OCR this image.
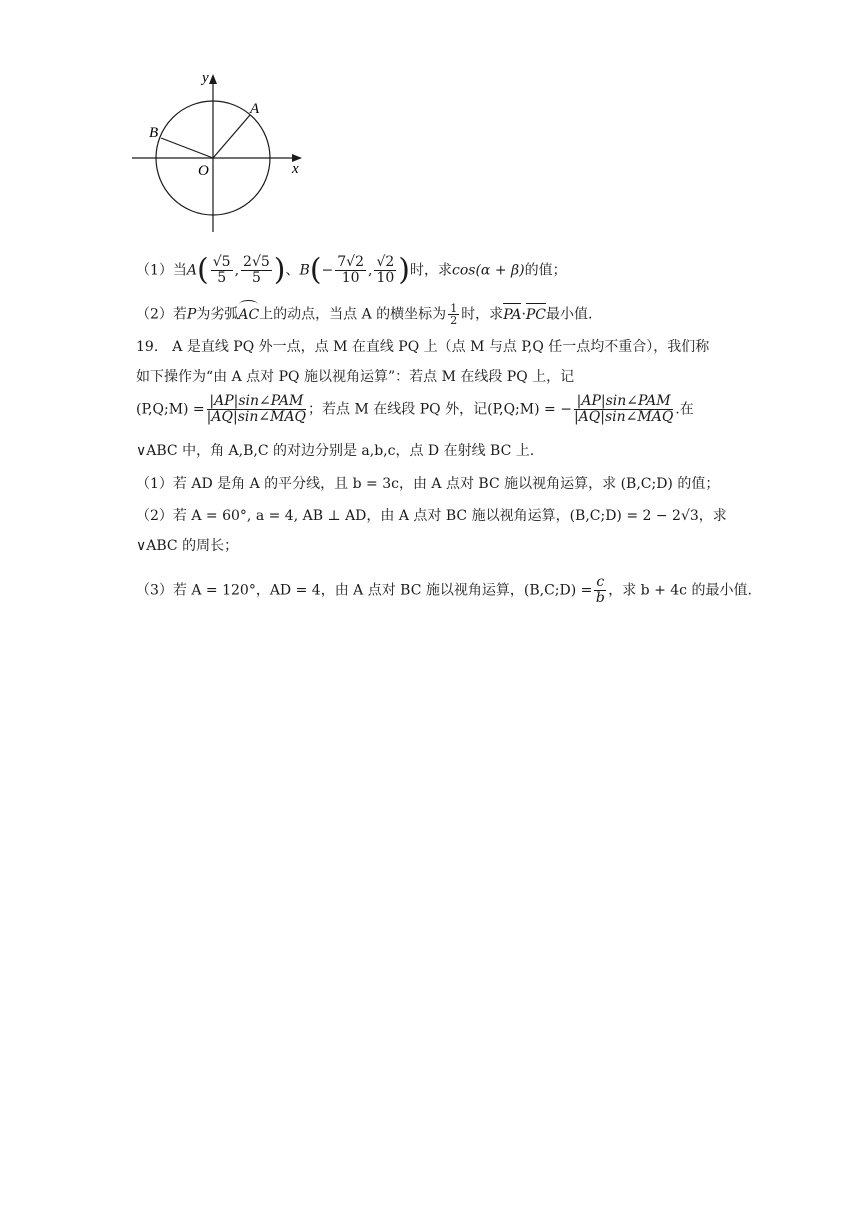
y
x
O
A
B
（1）当$A( \frac{√5}{5}$ , $\frac{2√5}{5}$ )、$B(- \frac{7√2}{10}$ , $\frac{√2}{10}$ )时，求cos(α + β)的值；
（2）若P为劣弧AC上的动点，当点 A 的横坐标为 $\frac{1}{2}$ 时，求PA·PC最小值.
19.　A 是直线 PQ 外一点，点 M 在直线 PQ 上（点 M 与点 P,Q 任一点均不重合），我们称
如下操作为“由 A 点对 PQ 施以视角运算”：若点 M 在线段 PQ 上，记
(P,Q;M) = $\frac{\text{|AP|sin∠PAM}}{\text{|AQ|sin∠MAQ}}$ ；若点 M 在线段 PQ 外，记(P,Q;M) = − $\frac{\text{|AP|sin∠PAM}}{\text{|AQ|sin∠MAQ}}$ .在
∨ABC 中，角 A,B,C 的对边分别是 a,b,c，点 D 在射线 BC 上.
（1）若 AD 是角 A 的平分线，且 b = 3c，由 A 点对 BC 施以视角运算，求 (B,C;D) 的值；
（2）若 A = 60°, a = 4, AB ⊥ AD，由 A 点对 BC 施以视角运算，(B,C;D) = 2 − 2√3，求
∨ABC 的周长；
（3）若 A = 120°，AD = 4，由 A 点对 BC 施以视角运算，(B,C;D) = $\frac{c}{b}$ ，求 b + 4c 的最小值.
